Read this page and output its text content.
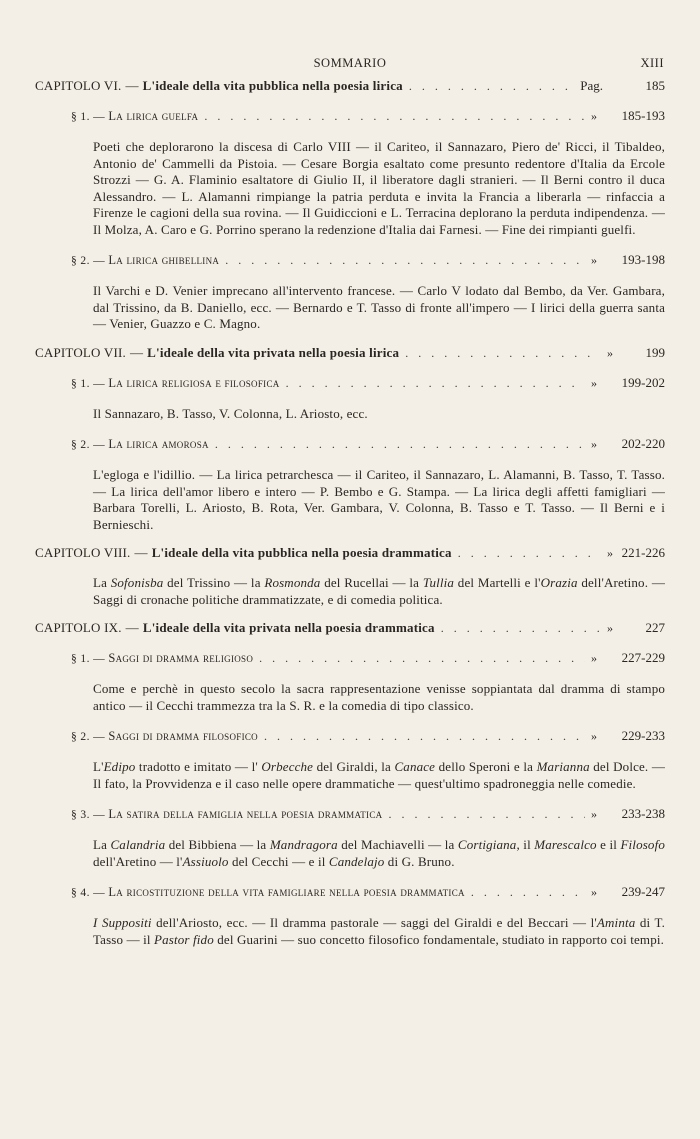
SOMMARIO	XIII
CAPITOLO VI. — L'ideale della vita pubblica nella poesia lirica . . .	Pag.	185
§ 1. — La lirica guelfa . . .	»	185-193
Poeti che deplorarono la discesa di Carlo VIII — il Cariteo, il Sannazaro, Piero de' Ricci, il Tibaldeo, Antonio de' Cammelli da Pistoia. — Cesare Borgia esaltato come presunto redentore d'Italia da Ercole Strozzi — G. A. Flaminio esaltatore di Giulio II, il liberatore dagli stranieri. — Il Berni contro il duca Alessandro. — L. Alamanni rimpiange la patria perduta e invita la Francia a liberarla — rinfaccia a Firenze le cagioni della sua rovina. — Il Guidiccioni e L. Terracina deplorano la perduta indipendenza. — Il Molza, A. Caro e G. Porrino sperano la redenzione d'Italia dai Farnesi. — Fine dei rimpianti guelfi.
§ 2. — La lirica ghibellina . . .	»	193-198
Il Varchi e D. Venier imprecano all'intervento francese. — Carlo V lodato dal Bembo, da Ver. Gambara, dal Trissino, da B. Daniello, ecc. — Bernardo e T. Tasso di fronte all'impero — I lirici della guerra santa — Venier, Guazzo e C. Magno.
CAPITOLO VII. — L'ideale della vita privata nella poesia lirica . . .	»	199
§ 1. — La lirica religiosa e filosofica . . .	»	199-202
Il Sannazaro, B. Tasso, V. Colonna, L. Ariosto, ecc.
§ 2. — La lirica amorosa . . .	»	202-220
L'egloga e l'idillio. — La lirica petrarchesca — il Cariteo, il Sannazaro, L. Alamanni, B. Tasso, T. Tasso. — La lirica dell'amor libero e intero — P. Bembo e G. Stampa. — La lirica degli affetti famigliari — Barbara Torelli, L. Ariosto, B. Rota, Ver. Gambara, V. Colonna, B. Tasso e T. Tasso. — Il Berni e i Bernieschi.
CAPITOLO VIII. — L'ideale della vita pubblica nella poesia drammatica . . .	» 221-226
La Sofonisba del Trissino — la Rosmonda del Rucellai — la Tullia del Martelli e l'Orazia dell'Aretino. — Saggi di cronache politiche drammatizzate, e di comedia politica.
CAPITOLO IX. — L'ideale della vita privata nella poesia drammatica . . .	»	227
§ 1. — Saggi di dramma religioso . . .	»	227-229
Come e perchè in questo secolo la sacra rappresentazione venisse soppiantata dal dramma di stampo antico — il Cecchi trammezza tra la S. R. e la comedia di tipo classico.
§ 2. — Saggi di dramma filosofico . . .	»	229-233
L'Edipo tradotto e imitato — l' Orbecche del Giraldi, la Canace dello Speroni e la Marianna del Dolce. — Il fato, la Provvidenza e il caso nelle opere drammatiche — quest'ultimo spadroneggia nelle comedie.
§ 3. — La satira della famiglia nella poesia drammatica . . .	»	233-238
La Calandria del Bibbiena — la Mandragora del Machiavelli — la Cortigiana, il Marescalco e il Filosofo dell'Aretino — l'Assiuolo del Cecchi — e il Candelajo di G. Bruno.
§ 4. — La ricostituzione della vita famigliare nella poesia drammatica . . .	»	239-247
I Suppositi dell'Ariosto, ecc. — Il dramma pastorale — saggi del Giraldi e del Beccari — l'Aminta di T. Tasso — il Pastor fido del Guarini — suo concetto filosofico fondamentale, studiato in rapporto coi tempi.
